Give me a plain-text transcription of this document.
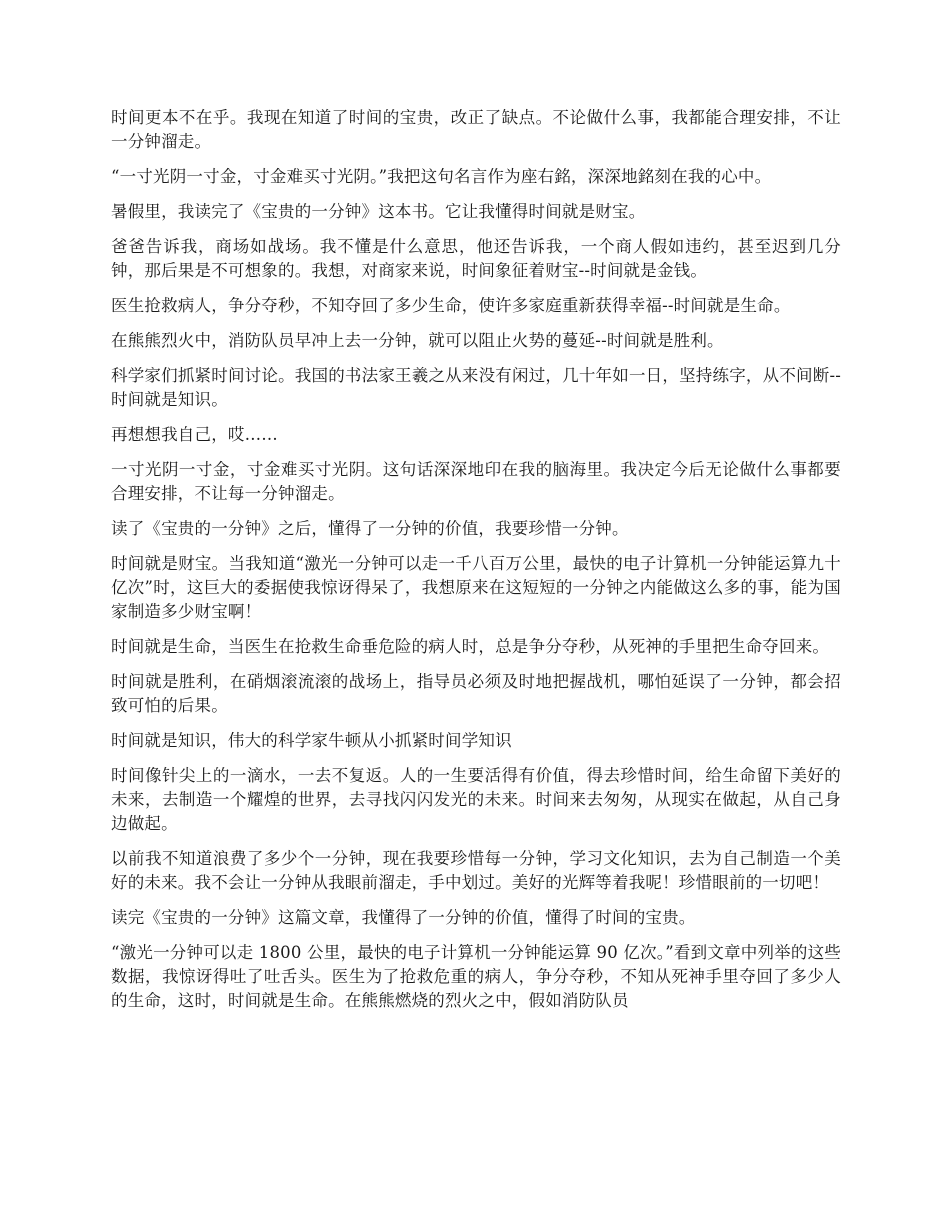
时间更本不在乎。我现在知道了时间的宝贵，改正了缺点。不论做什么事，我都能合理安排，不让一分钟溜走。

“一寸光阴一寸金，寸金难买寸光阴。”我把这句名言作为座右銘，深深地銘刻在我的心中。

暑假里，我读完了《宝贵的一分钟》这本书。它让我懂得时间就是财宝。

爸爸告诉我，商场如战场。我不懂是什么意思，他还告诉我，一个商人假如违约，甚至迟到几分钟，那后果是不可想象的。我想，对商家来说，时间象征着财宝--时间就是金钱。

医生抢救病人，争分夺秒，不知夺回了多少生命，使许多家庭重新获得幸福--时间就是生命。

在熊熊烈火中，消防队员早冲上去一分钟，就可以阻止火势的蔓延--时间就是胜利。

科学家们抓紧时间讨论。我国的书法家王羲之从来没有闲过，几十年如一日，坚持练字，从不间断--时间就是知识。

再想想我自己，哎……

一寸光阴一寸金，寸金难买寸光阴。这句话深深地印在我的脑海里。我决定今后无论做什么事都要合理安排，不让每一分钟溜走。

读了《宝贵的一分钟》之后，懂得了一分钟的价值，我要珍惜一分钟。

时间就是财宝。当我知道“激光一分钟可以走一千八百万公里，最快的电子计算机一分钟能运算九十亿次”时，这巨大的委据使我惊讶得呆了，我想原来在这短短的一分钟之内能做这么多的事，能为国家制造多少财宝啊！

时间就是生命，当医生在抢救生命垂危险的病人时，总是争分夺秒，从死神的手里把生命夺回来。

时间就是胜利，在硝烟滚流滚的战场上，指导员必须及时地把握战机，哪怕延误了一分钟，都会招致可怕的后果。

时间就是知识，伟大的科学家牛顿从小抓紧时间学知识

时间像针尖上的一滴水，一去不复返。人的一生要活得有价值，得去珍惜时间，给生命留下美好的未来，去制造一个耀煌的世界，去寻找闪闪发光的未来。时间来去匆匆，从现实在做起，从自己身边做起。

以前我不知道浪费了多少个一分钟，现在我要珍惜每一分钟，学习文化知识，去为自己制造一个美好的未来。我不会让一分钟从我眼前溜走，手中划过。美好的光辉等着我呢！珍惜眼前的一切吧！

读完《宝贵的一分钟》这篇文章，我懂得了一分钟的价值，懂得了时间的宝贵。

“激光一分钟可以走 1800 公里，最快的电子计算机一分钟能运算 90 亿次。”看到文章中列举的这些数据，我惊讶得吐了吐舌头。医生为了抢救危重的病人，争分夺秒，不知从死神手里夺回了多少人的生命，这时，时间就是生命。在熊熊燃烧的烈火之中，假如消防队员
